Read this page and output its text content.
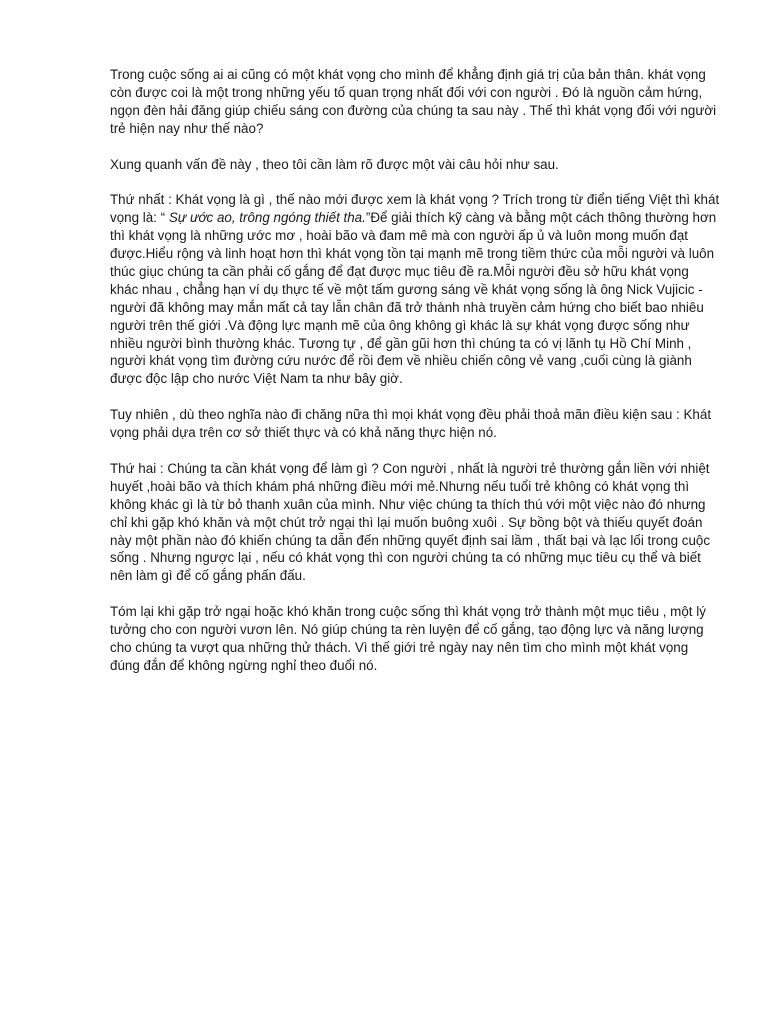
Trong cuộc sống ai ai cũng có một khát vọng cho mình để khẳng định giá trị của bản thân. khát vọng còn được coi là một trong những yếu tố quan trọng nhất đối với con người . Đó là nguồn cảm hứng, ngọn đèn hải đăng giúp chiếu sáng con đường của chúng ta sau này . Thế thì khát vọng đối với người trẻ hiện nay như thế nào?

Xung quanh vấn đề này , theo tôi cần làm rõ được một vài câu hỏi như sau.

Thứ nhất : Khát vọng là gì , thế nào mới được xem là khát vọng ? Trích trong từ điển tiếng Việt thì khát vọng là: “ Sự ước ao, trông ngóng thiết tha.”Để giải thích kỹ càng và bằng một cách thông thường hơn thì khát vọng là những ước mơ , hoài bão và đam mê mà con người ấp ủ và luôn mong muốn đạt được.Hiểu rộng và linh hoạt hơn thì khát vọng tồn tại mạnh mẽ trong tiềm thức của mỗi người và luôn thúc giục chúng ta cần phải cố gắng để đạt được mục tiêu đề ra.Mỗi người đều sở hữu khát vọng khác nhau , chẳng hạn ví dụ thực tế về một tấm gương sáng về khát vọng sống là ông Nick Vujicic - người đã không may mắn mất cả tay lẫn chân đã trở thành nhà truyền cảm hứng cho biết bao nhiêu người trên thế giới .Và động lực mạnh mẽ của ông không gì khác là sự khát vọng được sống như nhiều người bình thường khác. Tương tự , để gần gũi hơn thì chúng ta có vị lãnh tụ Hồ Chí Minh , người khát vọng tìm đường cứu nước để rồi đem về nhiều chiến công vẻ vang ,cuối cùng là giành được độc lập cho nước Việt Nam ta như bây giờ.

Tuy nhiên , dù theo nghĩa nào đi chăng nữa thì mọi khát vọng đều phải thoả mãn điều kiện sau : Khát vọng phải dựa trên cơ sở thiết thực và có khả năng thực hiện nó.

Thứ hai : Chúng ta cần khát vọng để làm gì ? Con người , nhất là người trẻ thường gắn liền với nhiệt huyết ,hoài bão và thích khám phá những điều mới mẻ.Nhưng nếu tuổi trẻ không có khát vọng thì không khác gì là từ bỏ thanh xuân của mình. Như việc chúng ta thích thú với một việc nào đó nhưng chỉ khi gặp khó khăn và một chút trở ngại thì lại muốn buông xuôi . Sự bồng bột và thiếu quyết đoán này một phần nào đó khiến chúng ta dẫn đến những quyết định sai lầm , thất bại và lạc lối trong cuộc sống . Nhưng ngược lại , nếu có khát vọng thì con người chúng ta có những mục tiêu cụ thể và biết nên làm gì để cố gắng phấn đấu.

Tóm lại khi gặp trở ngại hoặc khó khăn trong cuộc sống thì khát vọng trở thành một mục tiêu , một lý tưởng cho con người vươn lên. Nó giúp chúng ta rèn luyện để cố gắng, tạo động lực và năng lượng cho chúng ta vượt qua những thử thách. Vì thế giới trẻ ngày nay nên tìm cho mình một khát vọng đúng đắn để không ngừng nghỉ theo đuổi nó.
